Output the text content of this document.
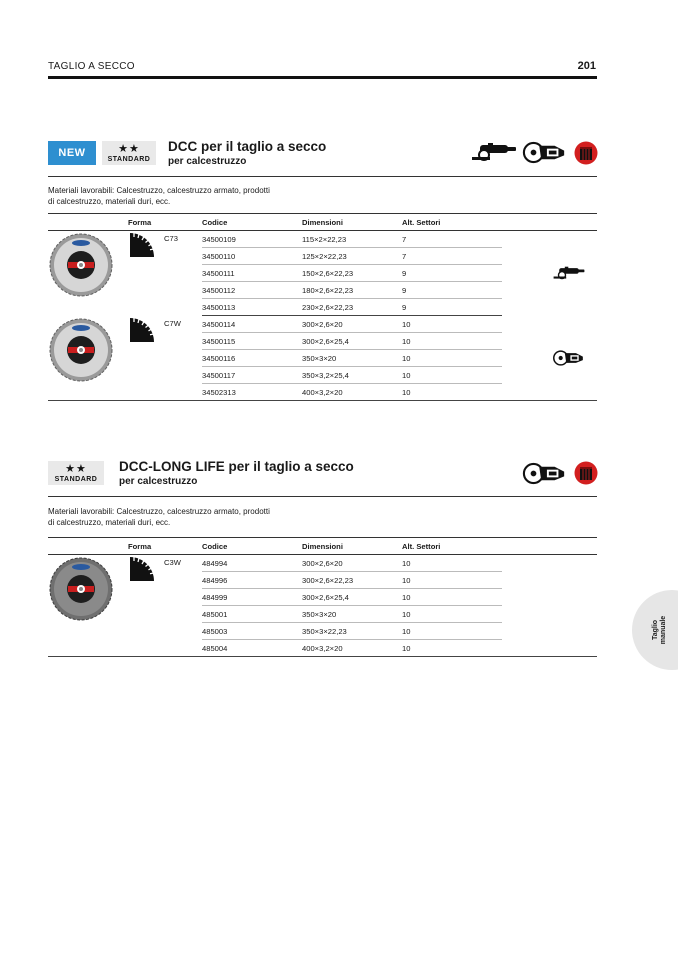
TAGLIO A SECCO	201
NEW	★★
STANDARD
DCC per il taglio a secco
per calcestruzzo
Materiali lavorabili: Calcestruzzo, calcestruzzo armato, prodotti
di calcestruzzo, materiali duri, ecc.
	Forma	Codice	Dimensioni	Alt. Settori	

C73	34500109	115×2×22,23	7	

		34500110	125×2×22,23	7	
		34500111	150×2,6×22,23	9	
		34500112	180×2,6×22,23	9	
		34500113	230×2,6×22,23	9	

C7W	34500114	300×2,6×20	10	

		34500115	300×2,6×25,4	10	
		34500116	350×3×20	10	
		34500117	350×3,2×25,4	10	
		34502313	400×3,2×20	10	
★★
STANDARD
DCC-LONG LIFE per il taglio a secco
per calcestruzzo
Materiali lavorabili: Calcestruzzo, calcestruzzo armato, prodotti
di calcestruzzo, materiali duri, ecc.
	Forma	Codice	Dimensioni	Alt. Settori	

C3W	484994	300×2,6×20	10	
		484996	300×2,6×22,23	10	
		484999	300×2,6×25,4	10	
		485001	350×3×20	10	
		485003	350×3×22,23	10	
		485004	400×3,2×20	10	
Taglio manuale
